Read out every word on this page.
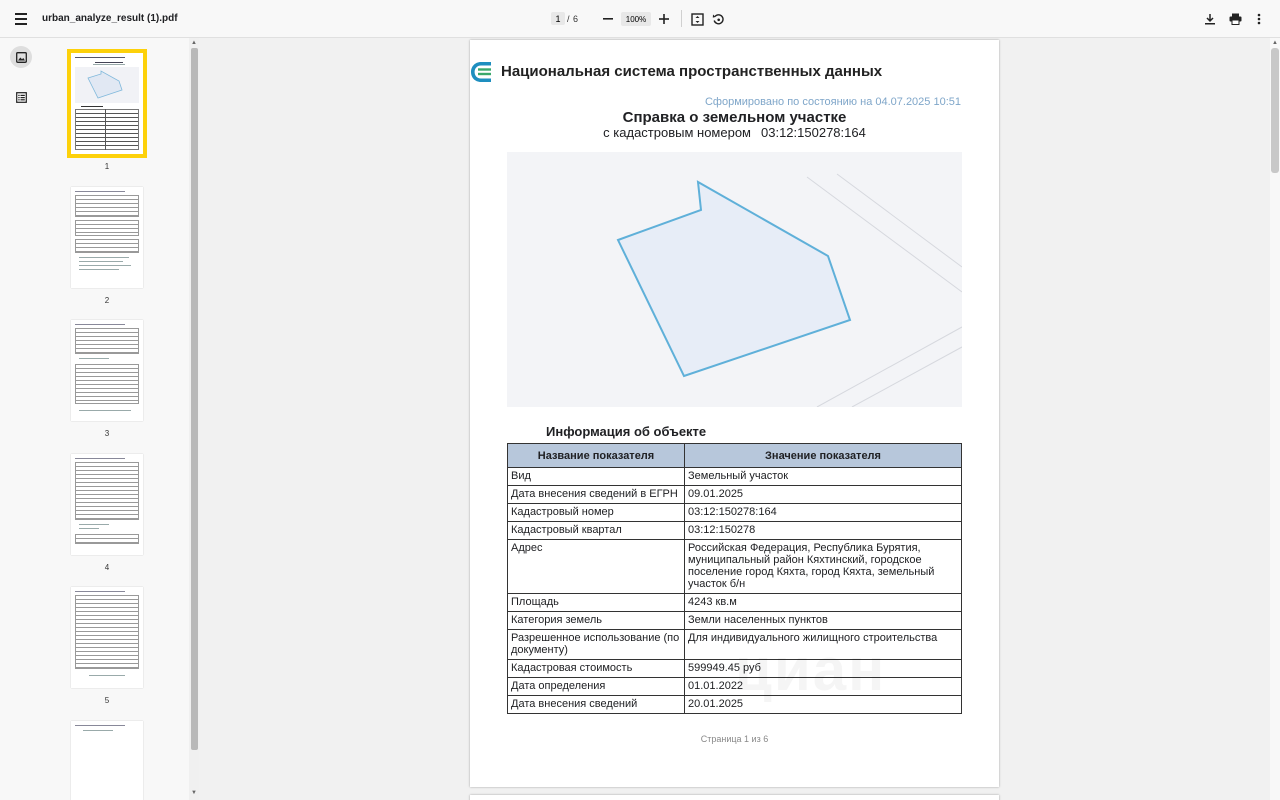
urban_analyze_result (1).pdf
1	/ 6
100%
1
2
3
4
5
▲
▼
Национальная система пространственных данных
Сформировано по состоянию на 04.07.2025 10:51
Справка о земельном участке
с кадастровым номером 03:12:150278:164
Информация об объекте
Название показателя	Значение показателя
Вид	Земельный участок
Дата внесения сведений в ЕГРН	09.01.2025
Кадастровый номер	03:12:150278:164
Кадастровый квартал	03:12:150278
Адрес	Российская Федерация, Республика Бурятия, муниципальный район Кяхтинский, городское поселение город Кяхта, город Кяхта, земельный участок б/н
Площадь	4243 кв.м
Категория земель	Земли населенных пунктов
Разрешенное использование (по документу)	Для индивидуального жилищного строительства
Кадастровая стоимость	599949.45 руб
Дата определения	01.01.2022
Дата внесения сведений	20.01.2025
Страница 1 из 6
▲
